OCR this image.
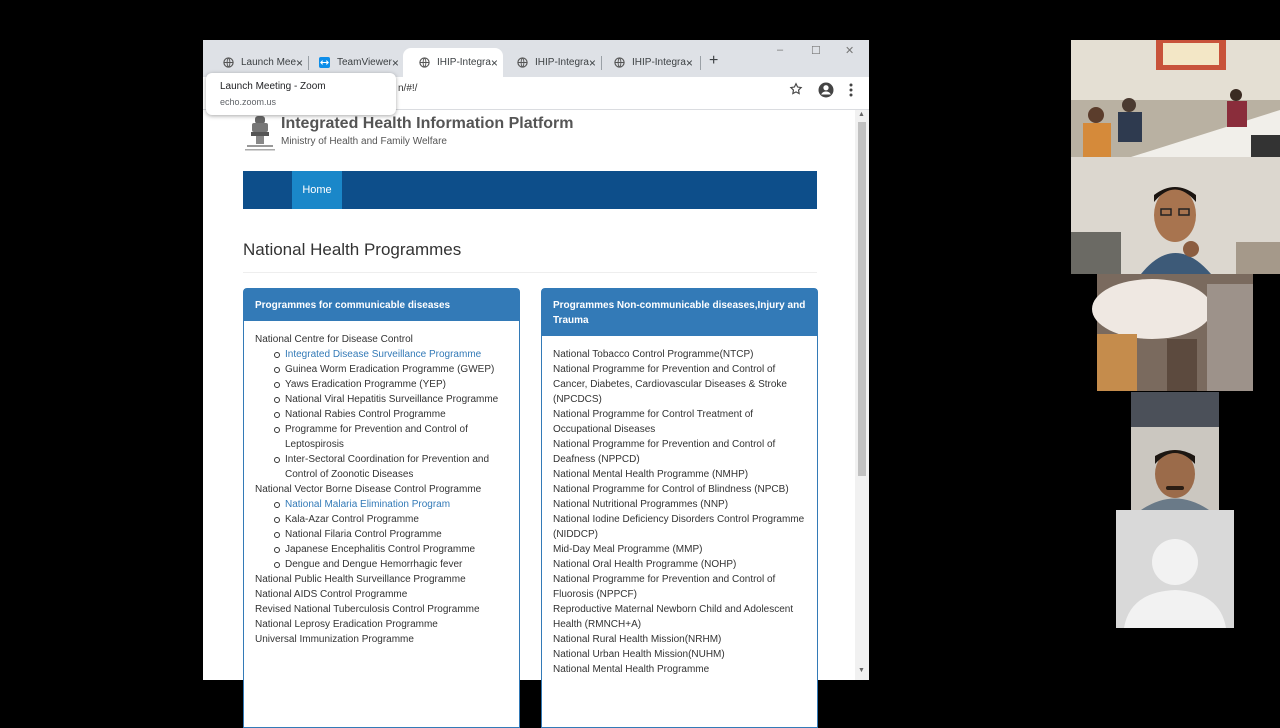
Launch Mee ×	TeamViewer ×	IHIP-Integra ×	IHIP-Integra ×	IHIP-Integra × +
–	☐ ✕
n/#!/
Integrated Health Information Platform
Ministry of Health and Family Welfare
Home
National Health Programmes
Programmes for communicable diseases
National Centre for Disease Control
Integrated Disease Surveillance Programme
Guinea Worm Eradication Programme (GWEP)
Yaws Eradication Programme (YEP)
National Viral Hepatitis Surveillance Programme
National Rabies Control Programme
Programme for Prevention and Control of Leptospirosis
Inter-Sectoral Coordination for Prevention and Control of Zoonotic Diseases
National Vector Borne Disease Control Programme
National Malaria Elimination Program
Kala-Azar Control Programme
National Filaria Control Programme
Japanese Encephalitis Control Programme
Dengue and Dengue Hemorrhagic fever
National Public Health Surveillance Programme
National AIDS Control Programme
Revised National Tuberculosis Control Programme
National Leprosy Eradication Programme
Universal Immunization Programme
Programmes Non-communicable diseases,Injury and Trauma
National Tobacco Control Programme(NTCP)
National Programme for Prevention and Control of Cancer, Diabetes, Cardiovascular Diseases & Stroke (NPCDCS)
National Programme for Control Treatment of Occupational Diseases
National Programme for Prevention and Control of Deafness (NPPCD)
National Mental Health Programme (NMHP)
National Programme for Control of Blindness (NPCB)
National Nutritional Programmes (NNP)
National Iodine Deficiency Disorders Control Programme (NIDDCP)
Mid-Day Meal Programme (MMP)
National Oral Health Programme (NOHP)
National Programme for Prevention and Control of Fluorosis (NPPCF)
Reproductive Maternal Newborn Child and Adolescent Health (RMNCH+A)
National Rural Health Mission(NRHM)
National Urban Health Mission(NUHM)
National Mental Health Programme
▲
▼
Launch Meeting - Zoom
echo.zoom.us
